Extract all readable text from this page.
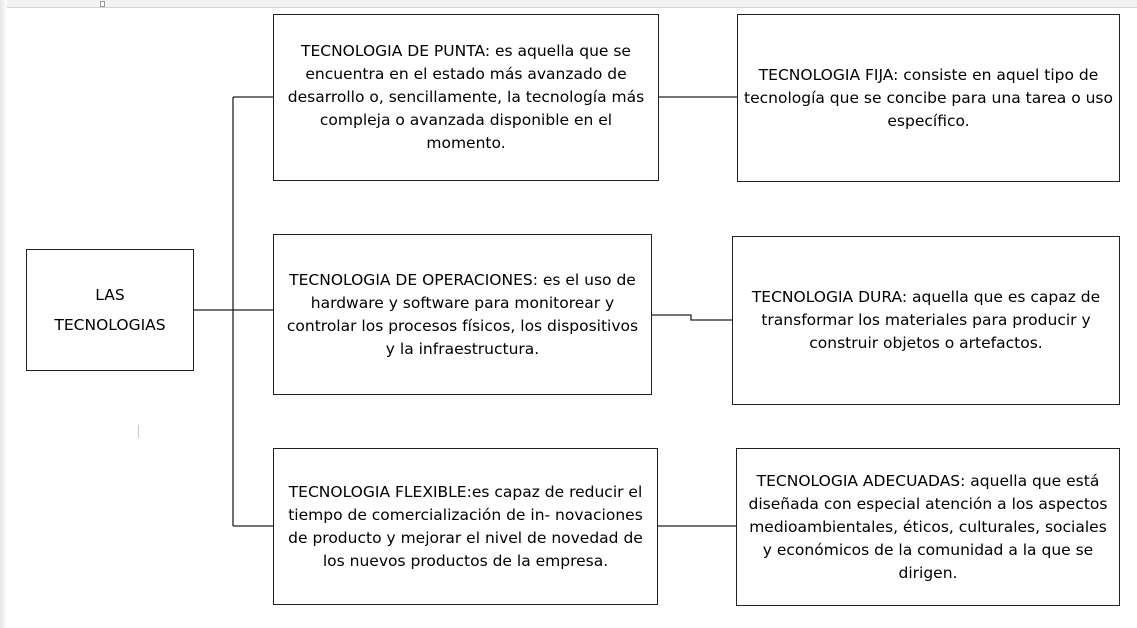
LAS TECNOLOGIAS
TECNOLOGIA DE PUNTA: es aquella que se encuentra en el estado más avanzado de desarrollo o, sencillamente, la tecnología más compleja o avanzada disponible en el momento.
TECNOLOGIA DE OPERACIONES: es el uso de hardware y software para monitorear y controlar los procesos físicos, los dispositivos y la infraestructura.
TECNOLOGIA FLEXIBLE:es capaz de reducir el tiempo de comercialización de in- novaciones de producto y mejorar el nivel de novedad de los nuevos productos de la empresa.
TECNOLOGIA FIJA: consiste en aquel tipo de tecnología que se concibe para una tarea o uso específico.
TECNOLOGIA DURA: aquella que es capaz de transformar los materiales para producir y construir objetos o artefactos.
TECNOLOGIA ADECUADAS: aquella que está diseñada con especial atención a los aspectos medioambientales, éticos, culturales, sociales y económicos de la comunidad a la que se dirigen.
